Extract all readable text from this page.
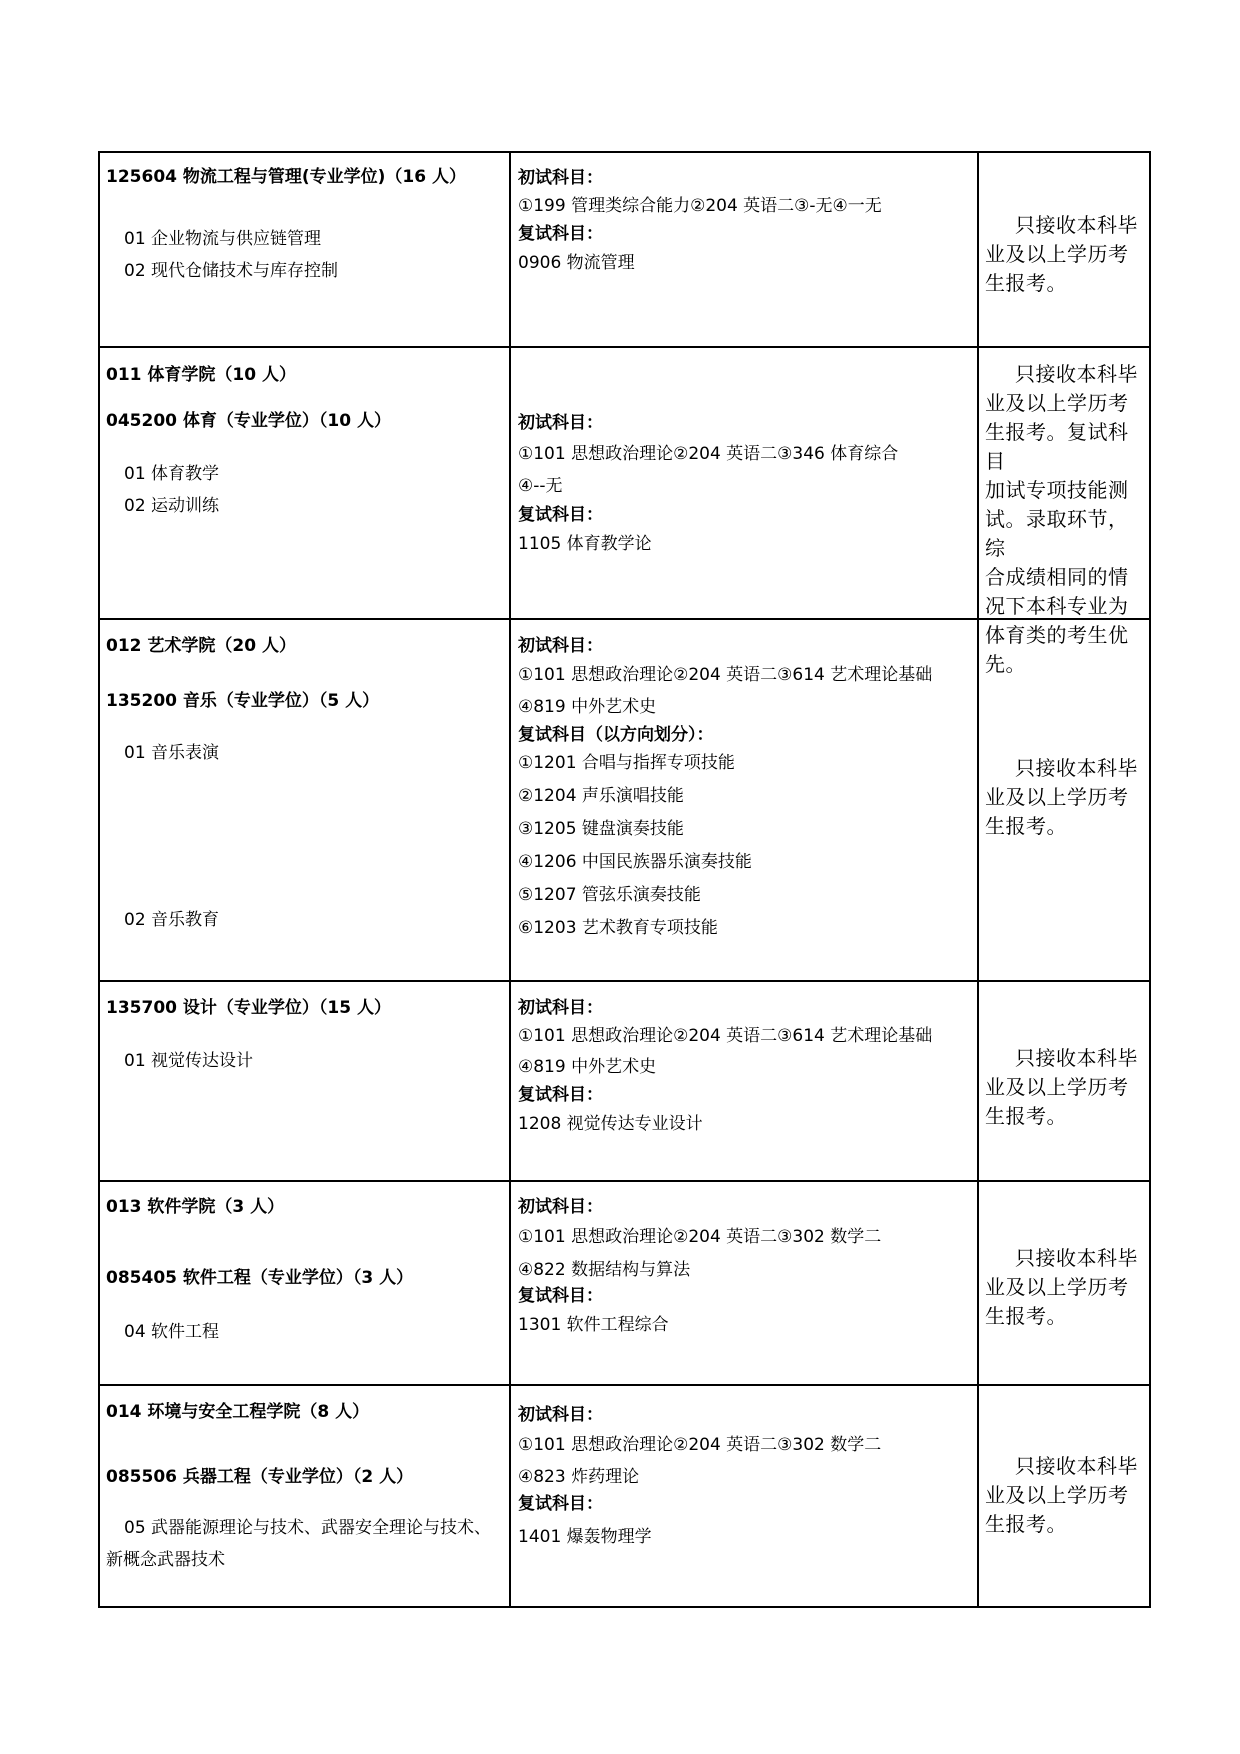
125604 物流工程与管理(专业学位)（16 人）
01 企业物流与供应链管理
02 现代仓储技术与库存控制
初试科目：
①199 管理类综合能力②204 英语二③-无④一无
复试科目：
0906 物流管理
只接收本科毕
业及以上学历考
生报考。
011 体育学院（10 人）
045200 体育（专业学位）（10 人）
01 体育教学
02 运动训练
初试科目：
①101 思想政治理论②204 英语二③346 体育综合
④--无
复试科目：
1105 体育教学论
只接收本科毕
业及以上学历考
生报考。复试科目
加试专项技能测
试。录取环节，综
合成绩相同的情
况下本科专业为
体育类的考生优
先。
012 艺术学院（20 人）
135200 音乐（专业学位）（5 人）
01 音乐表演
02 音乐教育
初试科目：
①101 思想政治理论②204 英语二③614 艺术理论基础
④819 中外艺术史
复试科目（以方向划分）：
①1201 合唱与指挥专项技能
②1204 声乐演唱技能
③1205 键盘演奏技能
④1206 中国民族器乐演奏技能
⑤1207 管弦乐演奏技能
⑥1203 艺术教育专项技能
只接收本科毕
业及以上学历考
生报考。
135700 设计（专业学位）（15 人）
01 视觉传达设计
初试科目：
①101 思想政治理论②204 英语二③614 艺术理论基础
④819 中外艺术史
复试科目：
1208 视觉传达专业设计
只接收本科毕
业及以上学历考
生报考。
013 软件学院（3 人）
085405 软件工程（专业学位）（3 人）
04 软件工程
初试科目：
①101 思想政治理论②204 英语二③302 数学二
④822 数据结构与算法
复试科目：
1301 软件工程综合
只接收本科毕
业及以上学历考
生报考。
014 环境与安全工程学院（8 人）
085506 兵器工程（专业学位）（2 人）
05 武器能源理论与技术、武器安全理论与技术、新概念武器技术
初试科目：
①101 思想政治理论②204 英语二③302 数学二
④823 炸药理论
复试科目：
1401 爆轰物理学
只接收本科毕
业及以上学历考
生报考。
